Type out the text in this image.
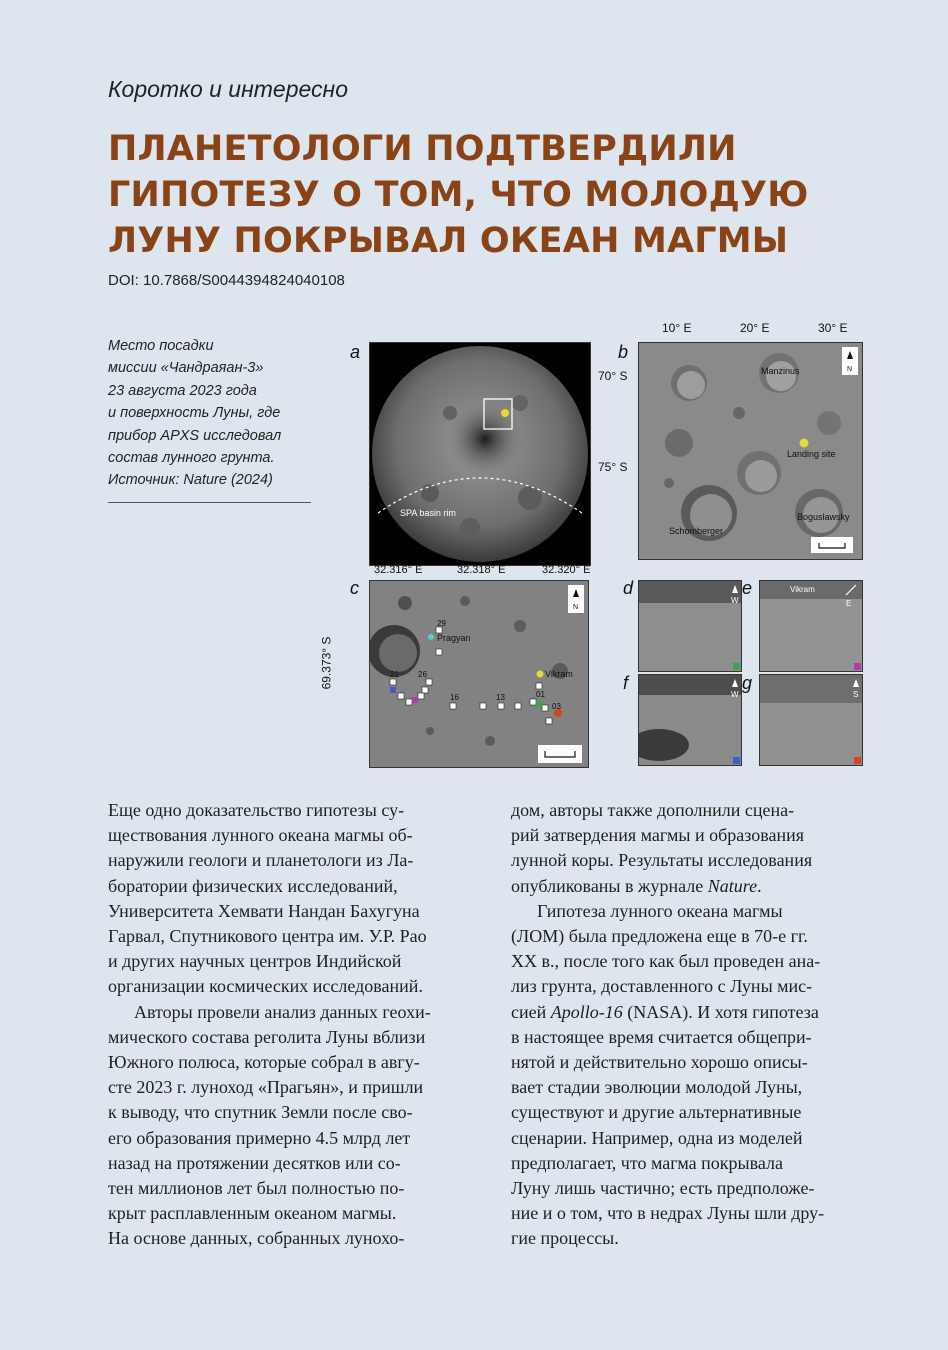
Коротко и интересно
ПЛАНЕТОЛОГИ ПОДТВЕРДИЛИ ГИПОТЕЗУ О ТОМ, ЧТО МОЛОДУЮ ЛУНУ ПОКРЫВАЛ ОКЕАН МАГМЫ
DOI: 10.7868/S0044394824040108
Место посадки
миссии «Чандраяан-3»
23 августа 2023 года
и поверхность Луны, где
прибор APXS исследовал
состав лунного грунта.
Источник: Nature (2024)
a
SPA basin rim
32.316° E	32.318° E	32.320° E
10° E	20° E	30° E
b
70° S
75° S
Manzinus
Landing site
Schomberger
Boguslawsky
N
c
69.373° S
29
Pragyan
21 26
16	13	01
03
Vikram
N
d
W
e	Vikram
E
f
W
g
S

Еще одно доказательство гипотезы су-
ществования лунного океана магмы об-
наружили геологи и планетологи из Ла-
боратории физических исследований,
Университета Хемвати Нандан Бахугуна
Гарвал, Спутникового центра им. У.Р. Рао
и других научных центров Индийской
организации космических исследований.

Авторы провели анализ данных геохи-
мического состава реголита Луны вблизи
Южного полюса, которые собрал в авгу-
сте 2023 г. луноход «Прагьян», и пришли
к выводу, что спутник Земли после сво-
его образования примерно 4.5 млрд лет
назад на протяжении десятков или со-
тен миллионов лет был полностью по-
крыт расплавленным океаном магмы.
На основе данных, собранных лунохо-

дом, авторы также дополнили сцена-
рий затвердения магмы и образования
лунной коры. Результаты исследования
опубликованы в журнале Nature.

Гипотеза лунного океана магмы
(ЛОМ) была предложена еще в 70-е гг.
XX в., после того как был проведен ана-
лиз грунта, доставленного с Луны мис-
сией Apollo-16 (NASA). И хотя гипотеза
в настоящее время считается общепри-
нятой и действительно хорошо описы-
вает стадии эволюции молодой Луны,
существуют и другие альтернативные
сценарии. Например, одна из моделей
предполагает, что магма покрывала
Луну лишь частично; есть предположе-
ние и о том, что в недрах Луны шли дру-
гие процессы.
